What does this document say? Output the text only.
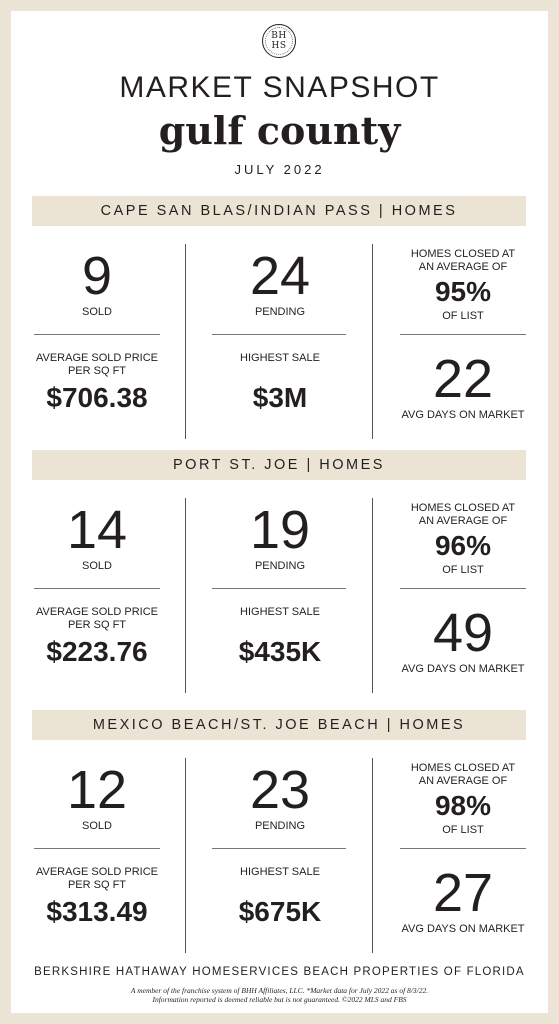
BH
HS
MARKET SNAPSHOT
gulf county
JULY 2022
CAPE SAN BLAS/INDIAN PASS | HOMES
9
SOLD
24
PENDING
HOMES CLOSED AT
AN AVERAGE OF
95%
OF LIST
AVERAGE SOLD PRICE
PER SQ FT
$706.38
HIGHEST SALE
$3M	22
AVG DAYS ON MARKET
PORT ST. JOE | HOMES
14
SOLD
19
PENDING
HOMES CLOSED AT
AN AVERAGE OF
96%
OF LIST
AVERAGE SOLD PRICE
PER SQ FT
$223.76
HIGHEST SALE
$435K	49
AVG DAYS ON MARKET
MEXICO BEACH/ST. JOE BEACH | HOMES
12
SOLD
23
PENDING
HOMES CLOSED AT
AN AVERAGE OF
98%
OF LIST
AVERAGE SOLD PRICE
PER SQ FT
$313.49
HIGHEST SALE
$675K	27
AVG DAYS ON MARKET
BERKSHIRE HATHAWAY HOMESERVICES BEACH PROPERTIES OF FLORIDA
A member of the franchise system of BHH Affiliates, LLC. *Market data for July 2022 as of 8/3/22.
Information reported is deemed reliable but is not guaranteed. ©2022 MLS and FBS
